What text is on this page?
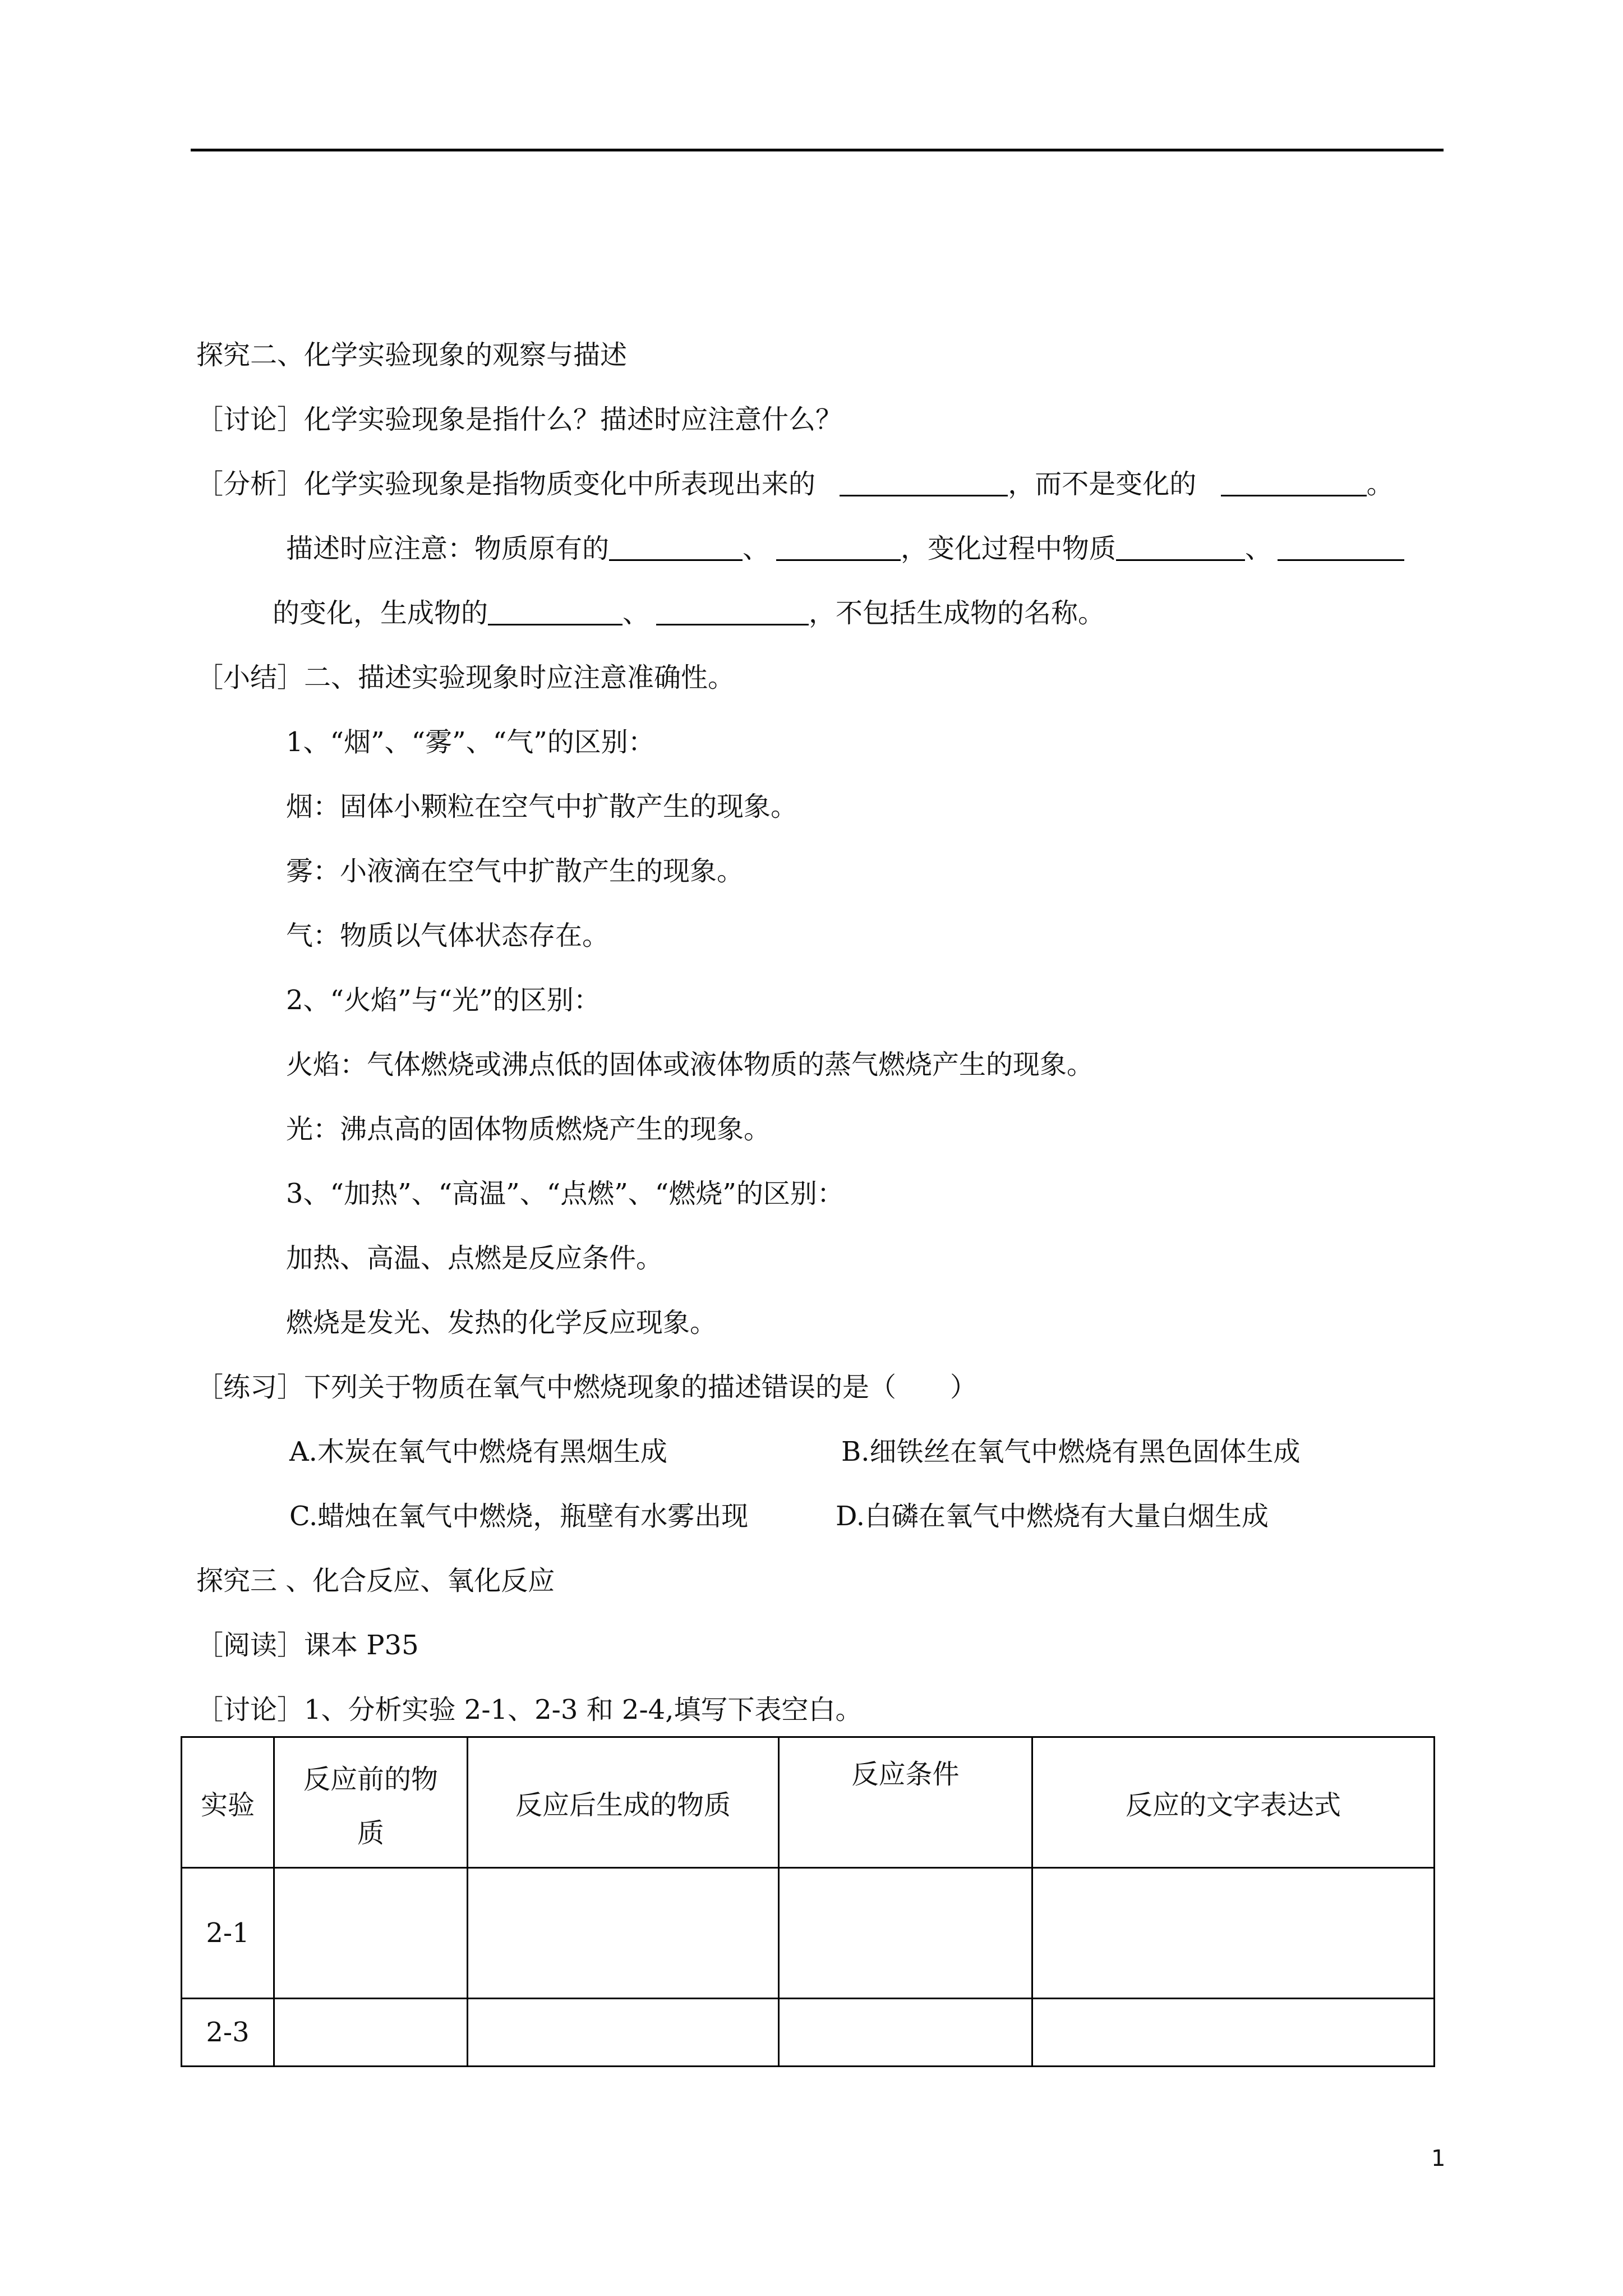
探究二、化学实验现象的观察与描述
［讨论］化学实验现象是指什么？描述时应注意什么？
［分析］化学实验现象是指物质变化中所表现出来的	，而不是变化的	。
描述时应注意：物质原有的	、	，变化过程中物质	、
的变化，生成物的	、	，不包括生成物的名称。
［小结］二、描述实验现象时应注意准确性。
1、“烟”、“雾”、“气”的区别：
烟：固体小颗粒在空气中扩散产生的现象。
雾：小液滴在空气中扩散产生的现象。
气：物质以气体状态存在。
2、“火焰”与“光”的区别：
火焰：气体燃烧或沸点低的固体或液体物质的蒸气燃烧产生的现象。
光：沸点高的固体物质燃烧产生的现象。
3、“加热”、“高温”、“点燃”、“燃烧”的区别：
加热、高温、点燃是反应条件。
燃烧是发光、发热的化学反应现象。
［练习］下列关于物质在氧气中燃烧现象的描述错误的是（　　）
A.木炭在氧气中燃烧有黑烟生成	B.细铁丝在氧气中燃烧有黑色固体生成
C.蜡烛在氧气中燃烧，瓶壁有水雾出现	D.白磷在氧气中燃烧有大量白烟生成
探究三 、化合反应、氧化反应
［阅读］课本 P35
［讨论］1、分析实验 2-1、2-3 和 2-4,填写下表空白。
实验	反应前的物质	反应后生成的物质	反应条件	反应的文字表达式
2-1				
2-3				
1
